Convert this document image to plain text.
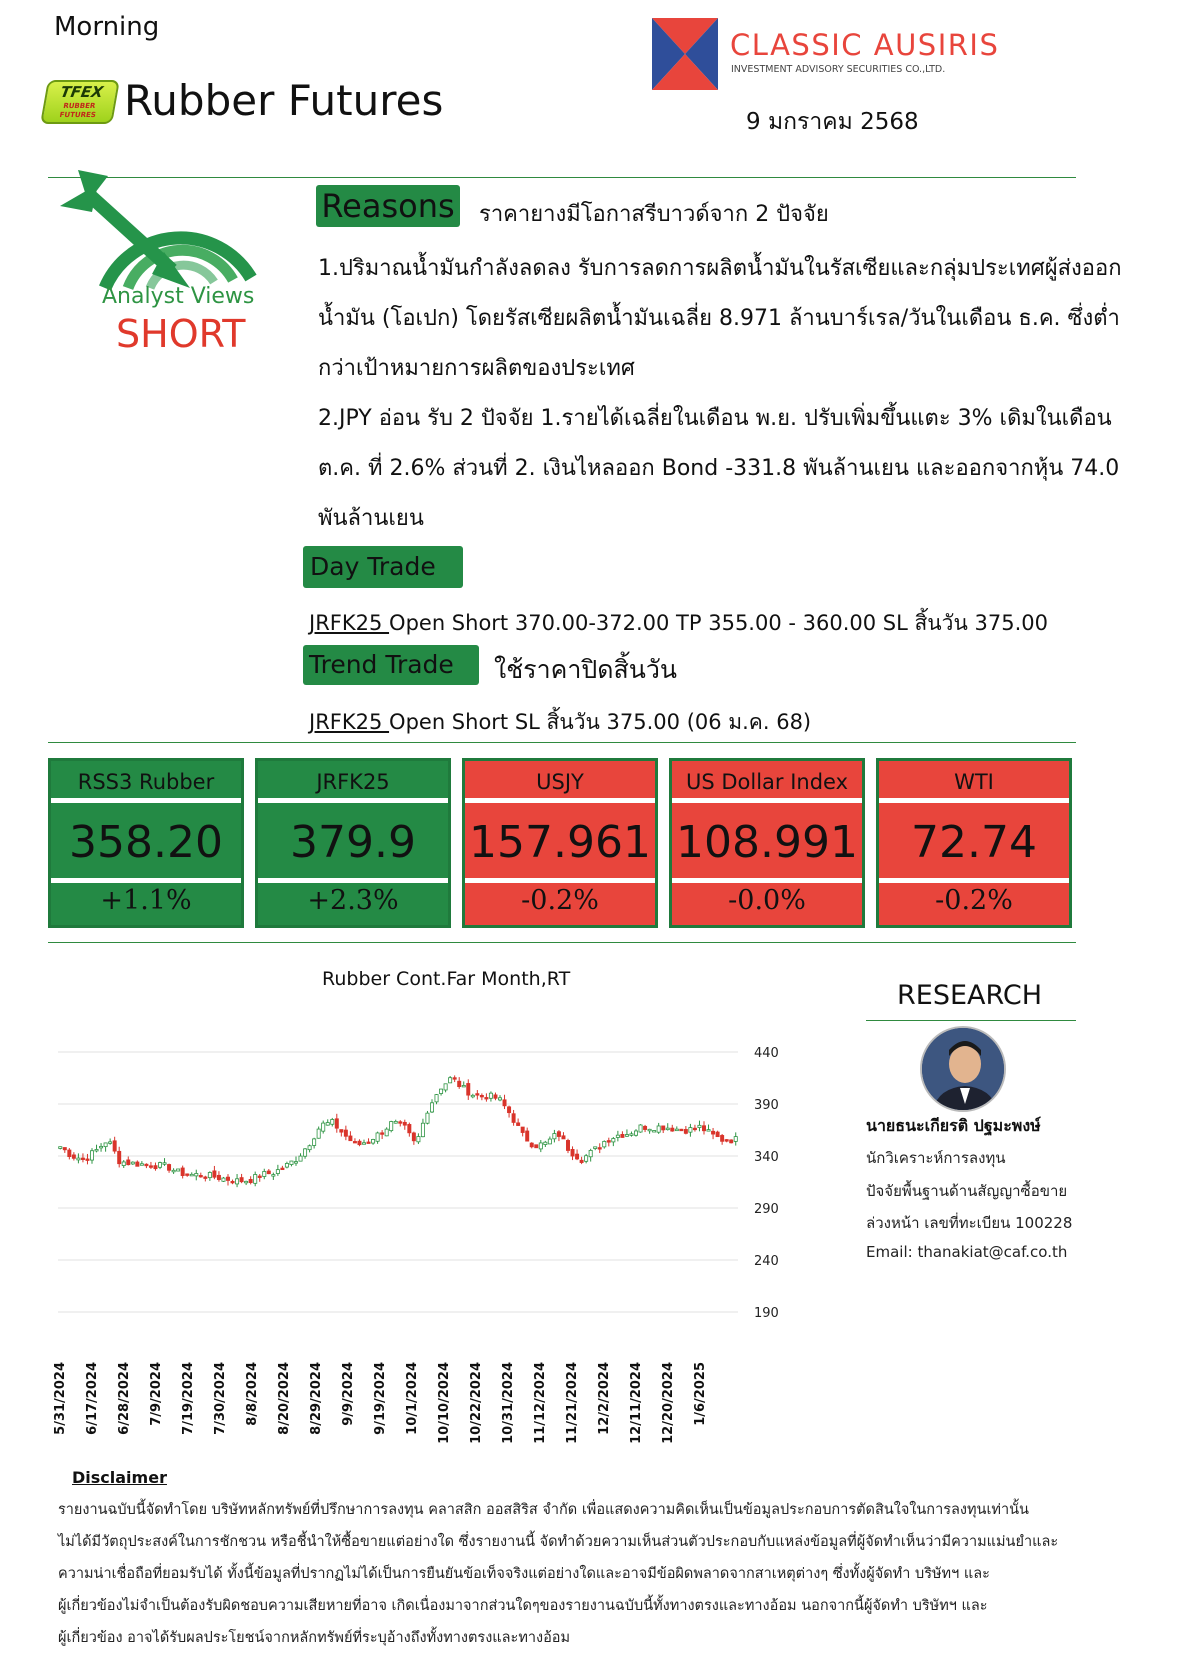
Morning
TFEX
RUBBER FUTURES Rubber Futures
CLASSIC AUSIRIS
INVESTMENT ADVISORY SECURITIES CO.,LTD.
9 มกราคม 2568
Analyst Views
SHORT
Reasons ราคายางมีโอกาสรีบาวด์จาก 2 ปัจจัย
1.ปริมาณน้ำมันกำลังลดลง รับการลดการผลิตน้ำมันในรัสเซียและกลุ่มประเทศผู้ส่งออกน้ำมัน (โอเปก) โดยรัสเซียผลิตน้ำมันเฉลี่ย 8.971 ล้านบาร์เรล/วันในเดือน ธ.ค. ซึ่งต่ำกว่าเป้าหมายการผลิตของประเทศ
2.JPY อ่อน รับ 2 ปัจจัย 1.รายได้เฉลี่ยในเดือน พ.ย. ปรับเพิ่มขึ้นแตะ 3% เดิมในเดือน ต.ค. ที่ 2.6% ส่วนที่ 2. เงินไหลออก Bond -331.8 พันล้านเยน และออกจากหุ้น 74.0 พันล้านเยน
Day Trade
JRFK25 Open Short 370.00-372.00 TP 355.00 - 360.00 SL สิ้นวัน 375.00
Trend Trade	ใช้ราคาปิดสิ้นวัน
JRFK25 Open Short SL สิ้นวัน 375.00 (06 ม.ค. 68)
RSS3 Rubber
358.20
+1.1%
JRFK25
379.9
+2.3%
USJY
157.961
-0.2%
US Dollar Index
108.991
-0.0%
WTI
72.74
-0.2%
Rubber Cont.Far Month,RT
440
390
340
290
240
190
5/31/2024 6/17/2024 6/28/2024 7/9/2024 7/19/2024 7/30/2024 8/8/2024 8/20/2024 8/29/2024 9/9/2024 9/19/2024 10/1/2024 10/10/2024 10/22/2024 10/31/2024 11/12/2024 11/21/2024 12/2/2024 12/11/2024 12/20/2024 1/6/2025
RESEARCH
นายธนะเกียรติ ปฐมะพงษ์
นักวิเคราะห์การลงทุน
ปัจจัยพื้นฐานด้านสัญญาซื้อขาย
ล่วงหน้า เลขที่ทะเบียน 100228
Email: thanakiat@caf.co.th
Disclaimer
รายงานฉบับนี้จัดทำโดย บริษัทหลักทรัพย์ที่ปรึกษาการลงทุน คลาสสิก ออสสิริส จำกัด เพื่อแสดงความคิดเห็นเป็นข้อมูลประกอบการตัดสินใจในการลงทุนเท่านั้น
ไม่ได้มีวัตถุประสงค์ในการชักชวน หรือชี้นำให้ซื้อขายแต่อย่างใด ซึ่งรายงานนี้ จัดทำด้วยความเห็นส่วนตัวประกอบกับแหล่งข้อมูลที่ผู้จัดทำเห็นว่ามีความแม่นยำและ
ความน่าเชื่อถือที่ยอมรับได้ ทั้งนี้ข้อมูลที่ปรากฏไม่ได้เป็นการยืนยันข้อเท็จจริงแต่อย่างใดและอาจมีข้อผิดพลาดจากสาเหตุต่างๆ ซึ่งทั้งผู้จัดทำ บริษัทฯ และ
ผู้เกี่ยวข้องไม่จำเป็นต้องรับผิดชอบความเสียหายที่อาจ เกิดเนื่องมาจากส่วนใดๆของรายงานฉบับนี้ทั้งทางตรงและทางอ้อม นอกจากนี้ผู้จัดทำ บริษัทฯ และ
ผู้เกี่ยวข้อง อาจได้รับผลประโยชน์จากหลักทรัพย์ที่ระบุอ้างถึงทั้งทางตรงและทางอ้อม
